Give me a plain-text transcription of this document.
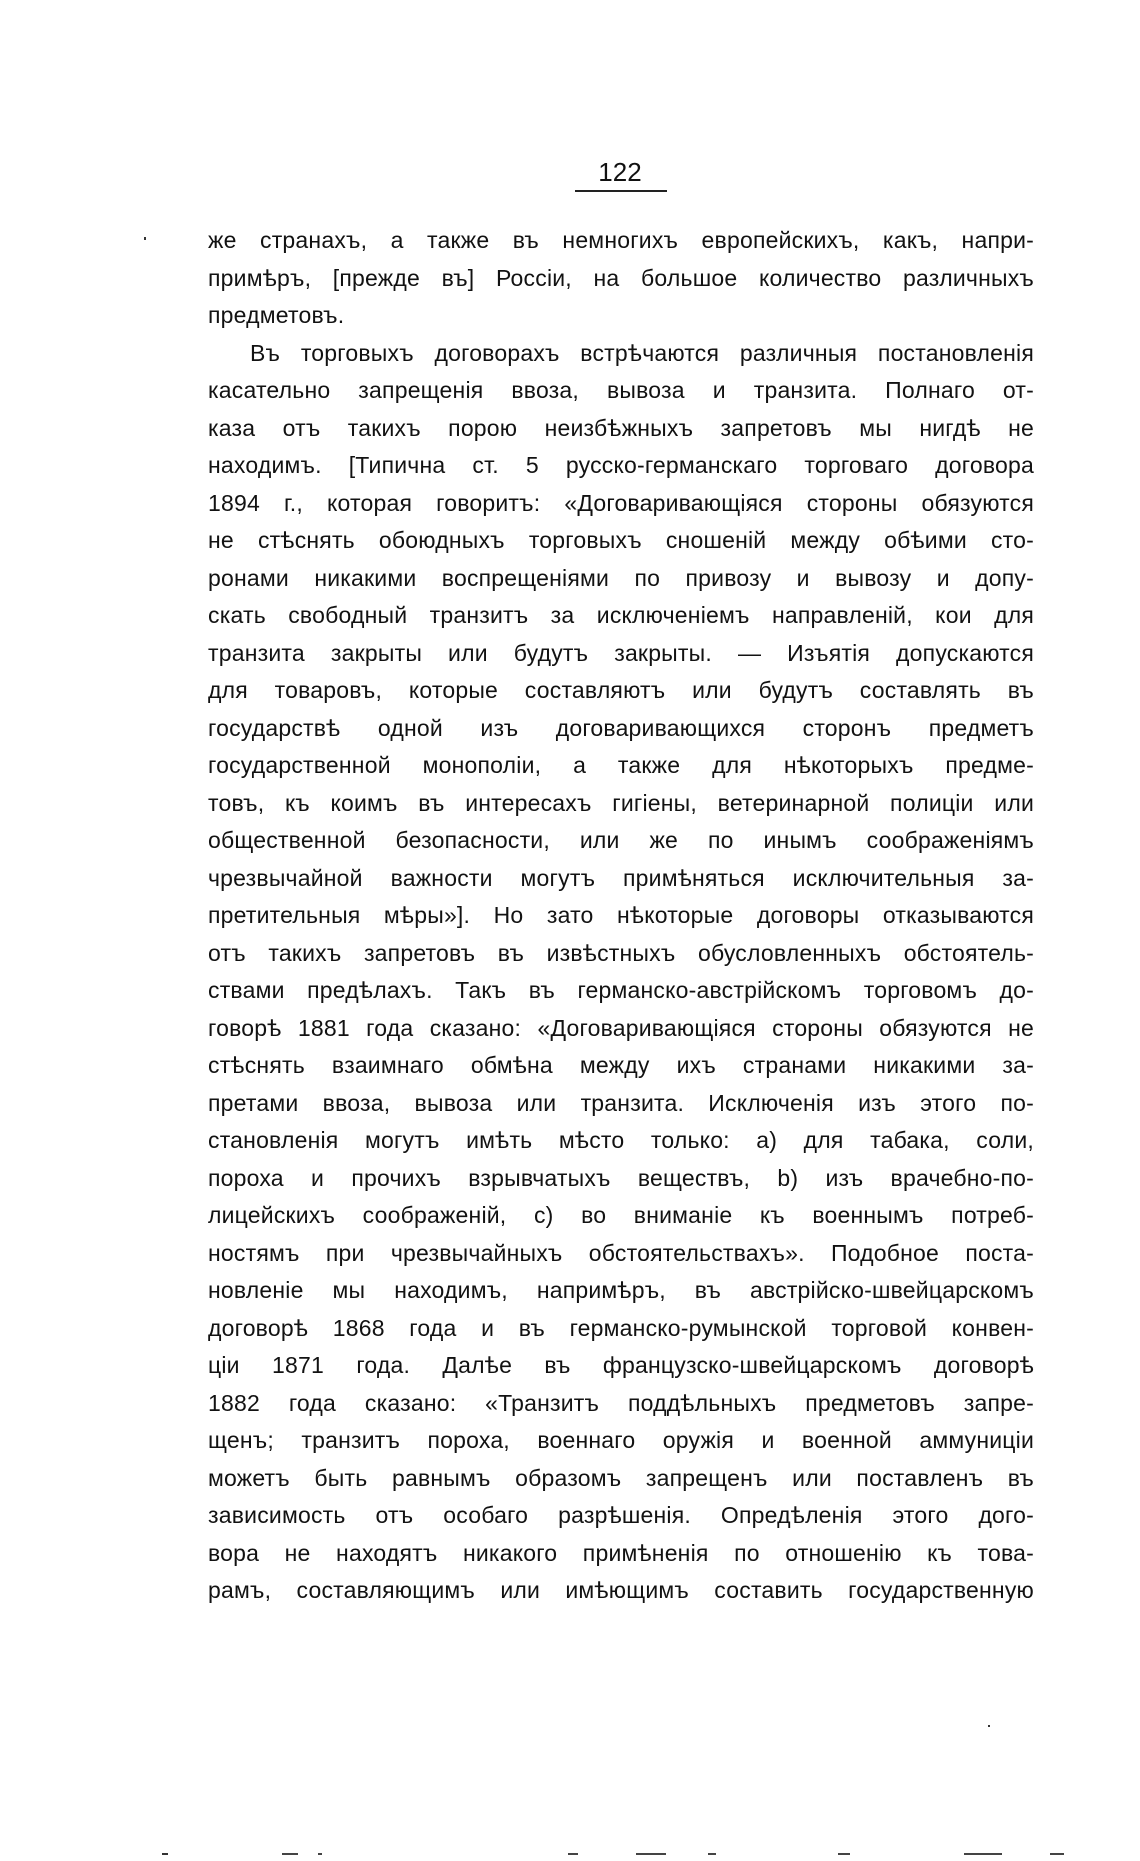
122
же странахъ, а также въ немногихъ европейскихъ, какъ, напри-
примѣръ, [прежде въ] Россіи, на большое количество различныхъ
предметовъ.
Въ торговыхъ договорахъ встрѣчаются различныя постановленія
касательно запрещенія ввоза, вывоза и транзита. Полнаго от-
каза отъ такихъ порою неизбѣжныхъ запретовъ мы нигдѣ не
находимъ. [Типична ст. 5 русско-германскаго торговаго договора
1894 г., которая говоритъ: «Договаривающіяся стороны обязуются
не стѣснять обоюдныхъ торговыхъ сношеній между обѣими сто-
ронами никакими воспрещеніями по привозу и вывозу и допу-
скать свободный транзитъ за исключеніемъ направленій, кои для
транзита закрыты или будутъ закрыты. — Изъятія допускаются
для товаровъ, которые составляютъ или будутъ составлять въ
государствѣ одной изъ договаривающихся сторонъ предметъ
государственной монополіи, а также для нѣкоторыхъ предме-
товъ, къ коимъ въ интересахъ гигіены, ветеринарной полиціи или
общественной безопасности, или же по инымъ соображеніямъ
чрезвычайной важности могутъ примѣняться исключительныя за-
претительныя мѣры»]. Но зато нѣкоторые договоры отказываются
отъ такихъ запретовъ въ извѣстныхъ обусловленныхъ обстоятель-
ствами предѣлахъ. Такъ въ германско-австрійскомъ торговомъ до-
говорѣ 1881 года сказано: «Договаривающіяся стороны обязуются не
стѣснять взаимнаго обмѣна между ихъ странами никакими за-
претами ввоза, вывоза или транзита. Исключенія изъ этого по-
становленія могутъ имѣть мѣсто только: а) для табака, соли,
пороха и прочихъ взрывчатыхъ веществъ, b) изъ врачебно-по-
лицейскихъ соображеній, с) во вниманіе къ военнымъ потреб-
ностямъ при чрезвычайныхъ обстоятельствахъ». Подобное поста-
новленіе мы находимъ, напримѣръ, въ австрійско-швейцарскомъ
договорѣ 1868 года и въ германско-румынской торговой конвен-
ціи 1871 года. Далѣе въ французско-швейцарскомъ договорѣ
1882 года сказано: «Транзитъ поддѣльныхъ предметовъ запре-
щенъ; транзитъ пороха, военнаго оружія и военной аммуниціи
можетъ быть равнымъ образомъ запрещенъ или поставленъ въ
зависимость отъ особаго разрѣшенія. Опредѣленія этого дого-
вора не находятъ никакого примѣненія по отношенію къ това-
рамъ, составляющимъ или имѣющимъ составить государственную
